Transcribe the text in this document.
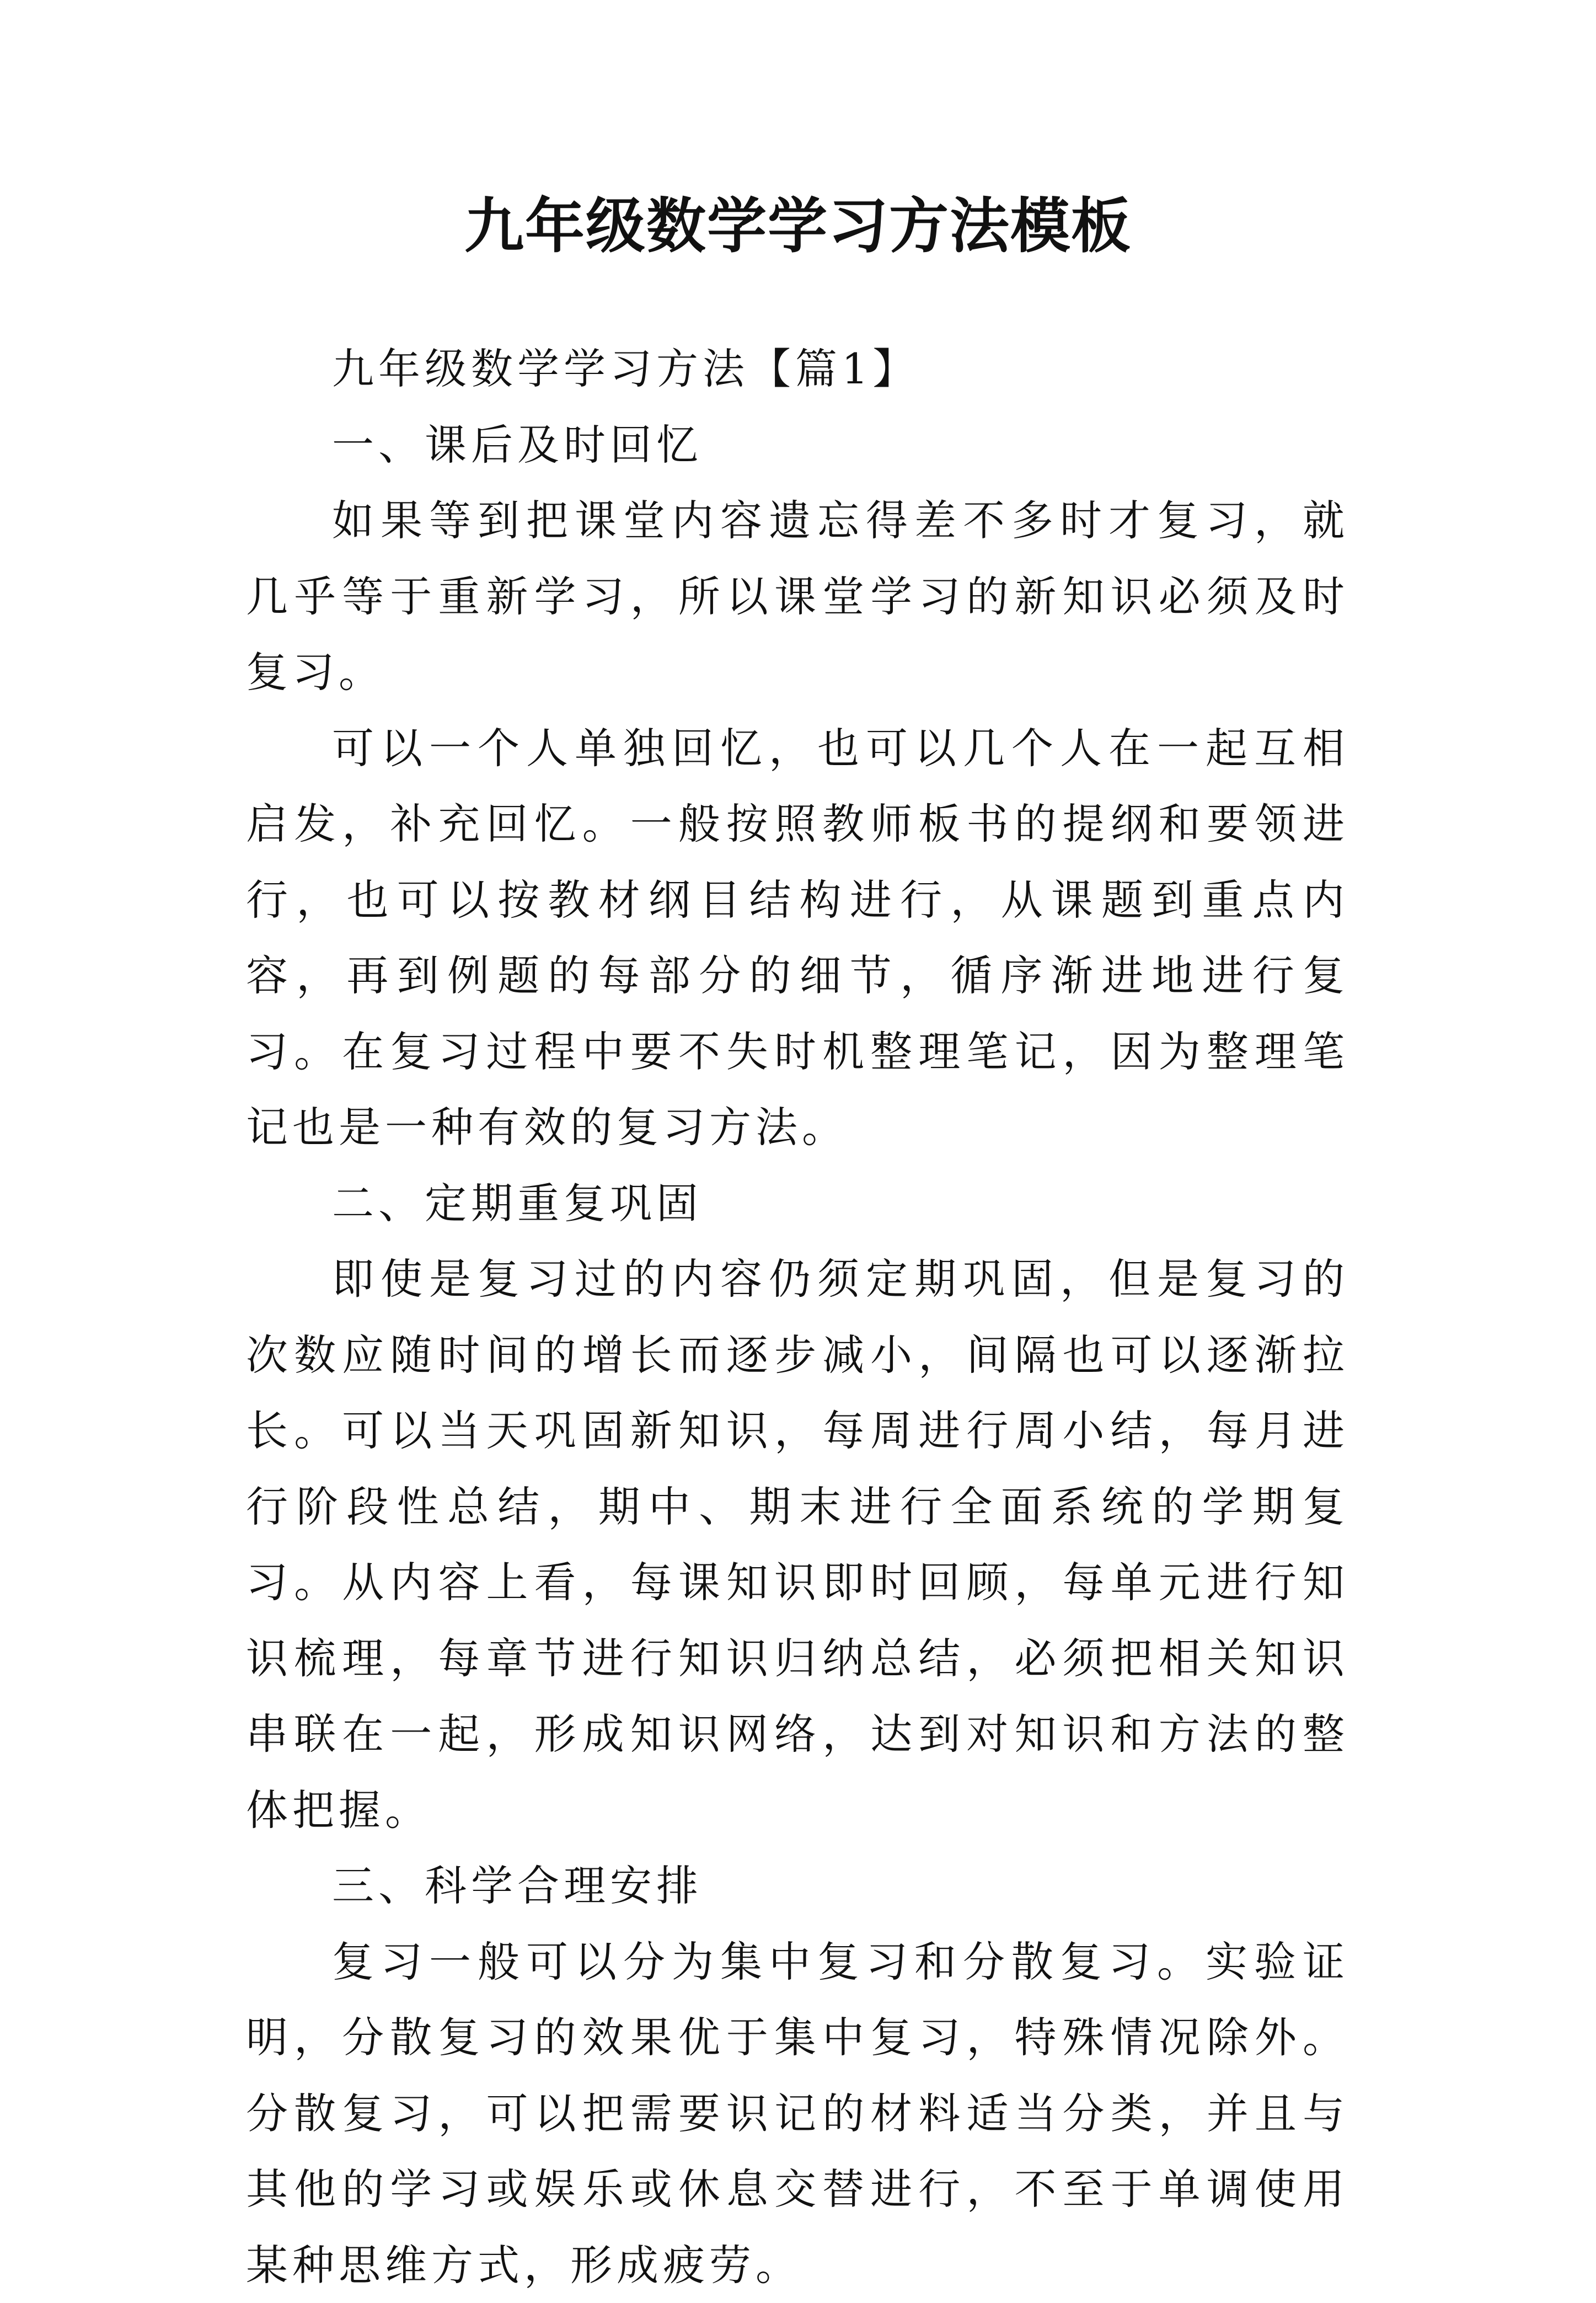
九年级数学学习方法模板

九年级数学学习方法【篇1】

一、课后及时回忆

如果等到把课堂内容遗忘得差不多时才复习，就几乎等于重新学习，所以课堂学习的新知识必须及时复习。

可以一个人单独回忆，也可以几个人在一起互相启发，补充回忆。一般按照教师板书的提纲和要领进行，也可以按教材纲目结构进行，从课题到重点内容，再到例题的每部分的细节，循序渐进地进行复习。在复习过程中要不失时机整理笔记，因为整理笔记也是一种有效的复习方法。

二、定期重复巩固

即使是复习过的内容仍须定期巩固，但是复习的次数应随时间的增长而逐步减小，间隔也可以逐渐拉长。可以当天巩固新知识，每周进行周小结，每月进行阶段性总结，期中、期末进行全面系统的学期复习。从内容上看，每课知识即时回顾，每单元进行知识梳理，每章节进行知识归纳总结，必须把相关知识串联在一起，形成知识网络，达到对知识和方法的整体把握。

三、科学合理安排

复习一般可以分为集中复习和分散复习。实验证明，分散复习的效果优于集中复习，特殊情况除外。分散复习，可以把需要识记的材料适当分类，并且与其他的学习或娱乐或休息交替进行，不至于单调使用某种思维方式，形成疲劳。
